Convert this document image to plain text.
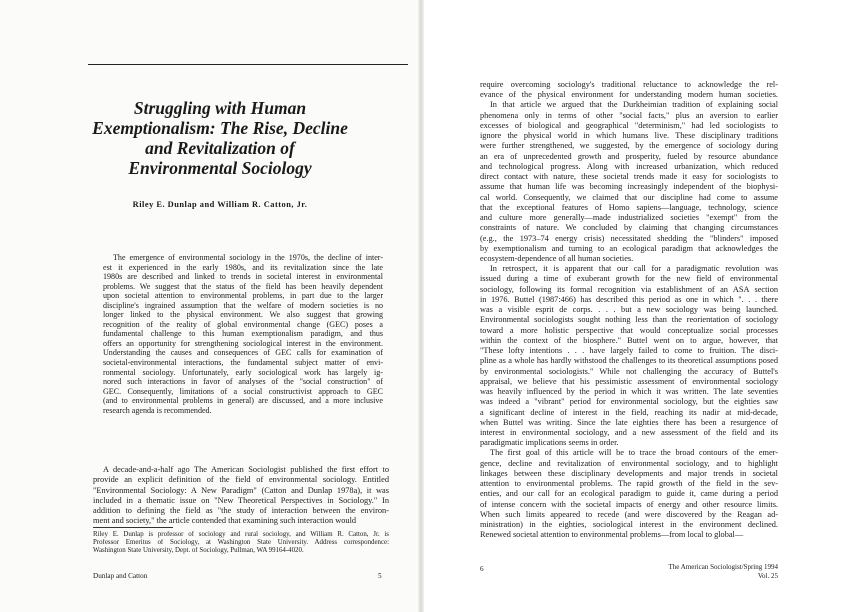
Struggling with Human
Exemptionalism: The Rise, Decline
and Revitalization of
Environmental Sociology
Riley E. Dunlap and William R. Catton, Jr.
The emergence of environmental sociology in the 1970s, the decline of inter-
est it experienced in the early 1980s, and its revitalization since the late
1980s are described and linked to trends in societal interest in environmental
problems. We suggest that the status of the field has been heavily dependent
upon societal attention to environmental problems, in part due to the larger
discipline's ingrained assumption that the welfare of modern societies is no
longer linked to the physical environment. We also suggest that growing
recognition of the reality of global environmental change (GEC) poses a
fundamental challenge to this human exemptionalism paradigm, and thus
offers an opportunity for strengthening sociological interest in the environment.
Understanding the causes and consequences of GEC calls for examination of
societal-environmental interactions, the fundamental subject matter of envi-
ronmental sociology. Unfortunately, early sociological work has largely ig-
nored such interactions in favor of analyses of the "social construction" of
GEC. Consequently, limitations of a social constructivist approach to GEC
(and to environmental problems in general) are discussed, and a more inclusive
research agenda is recommended.
A decade-and-a-half ago The American Sociologist published the first effort to
provide an explicit definition of the field of environmental sociology. Entitled
"Environmental Sociology: A New Paradigm" (Catton and Dunlap 1978a), it was
included in a thematic issue on "New Theoretical Perspectives in Sociology." In
addition to defining the field as "the study of interaction between the environ-
ment and society," the article contended that examining such interaction would
Riley E. Dunlap is professor of sociology and rural sociology, and William R. Catton, Jr. is
Professor Emeritus of Sociology, at Washington State University. Address correspondence:
Washington State University, Dept. of Sociology, Pullman, WA 99164-4020.
Dunlap and Catton	5
require overcoming sociology's traditional reluctance to acknowledge the rel-
evance of the physical environment for understanding modern human societies.
In that article we argued that the Durkheimian tradition of explaining social
phenomena only in terms of other "social facts," plus an aversion to earlier
excesses of biological and geographical "determinism," had led sociologists to
ignore the physical world in which humans live. These disciplinary traditions
were further strengthened, we suggested, by the emergence of sociology during
an era of unprecedented growth and prosperity, fueled by resource abundance
and technological progress. Along with increased urbanization, which reduced
direct contact with nature, these societal trends made it easy for sociologists to
assume that human life was becoming increasingly independent of the biophysi-
cal world. Consequently, we claimed that our discipline had come to assume
that the exceptional features of Homo sapiens—language, technology, science
and culture more generally—made industrialized societies "exempt" from the
constraints of nature. We concluded by claiming that changing circumstances
(e.g., the 1973–74 energy crisis) necessitated shedding the "blinders" imposed
by exemptionalism and turning to an ecological paradigm that acknowledges the
ecosystem-dependence of all human societies.
In retrospect, it is apparent that our call for a paradigmatic revolution was
issued during a time of exuberant growth for the new field of environmental
sociology, following its formal recognition via establishment of an ASA section
in 1976. Buttel (1987:466) has described this period as one in which ". . . there
was a visible esprit de corps. . . . but a new sociology was being launched.
Environmental sociologists sought nothing less than the reorientation of sociology
toward a more holistic perspective that would conceptualize social processes
within the context of the biosphere." Buttel went on to argue, however, that
"These lofty intentions . . . have largely failed to come to fruition. The disci-
pline as a whole has hardly withstood the challenges to its theoretical assumptions posed
by environmental sociologists." While not challenging the accuracy of Buttel's
appraisal, we believe that his pessimistic assessment of environmental sociology
was heavily influenced by the period in which it was written. The late seventies
was indeed a "vibrant" period for environmental sociology, but the eighties saw
a significant decline of interest in the field, reaching its nadir at mid-decade,
when Buttel was writing. Since the late eighties there has been a resurgence of
interest in environmental sociology, and a new assessment of the field and its
paradigmatic implications seems in order.
The first goal of this article will be to trace the broad contours of the emer-
gence, decline and revitalization of environmental sociology, and to highlight
linkages between these disciplinary developments and major trends in societal
attention to environmental problems. The rapid growth of the field in the sev-
enties, and our call for an ecological paradigm to guide it, came during a period
of intense concern with the societal impacts of energy and other resource limits.
When such limits appeared to recede (and were discovered by the Reagan ad-
ministration) in the eighties, sociological interest in the environment declined.
Renewed societal attention to environmental problems—from local to global—
6	The American Sociologist/Spring 1994
Vol. 25
